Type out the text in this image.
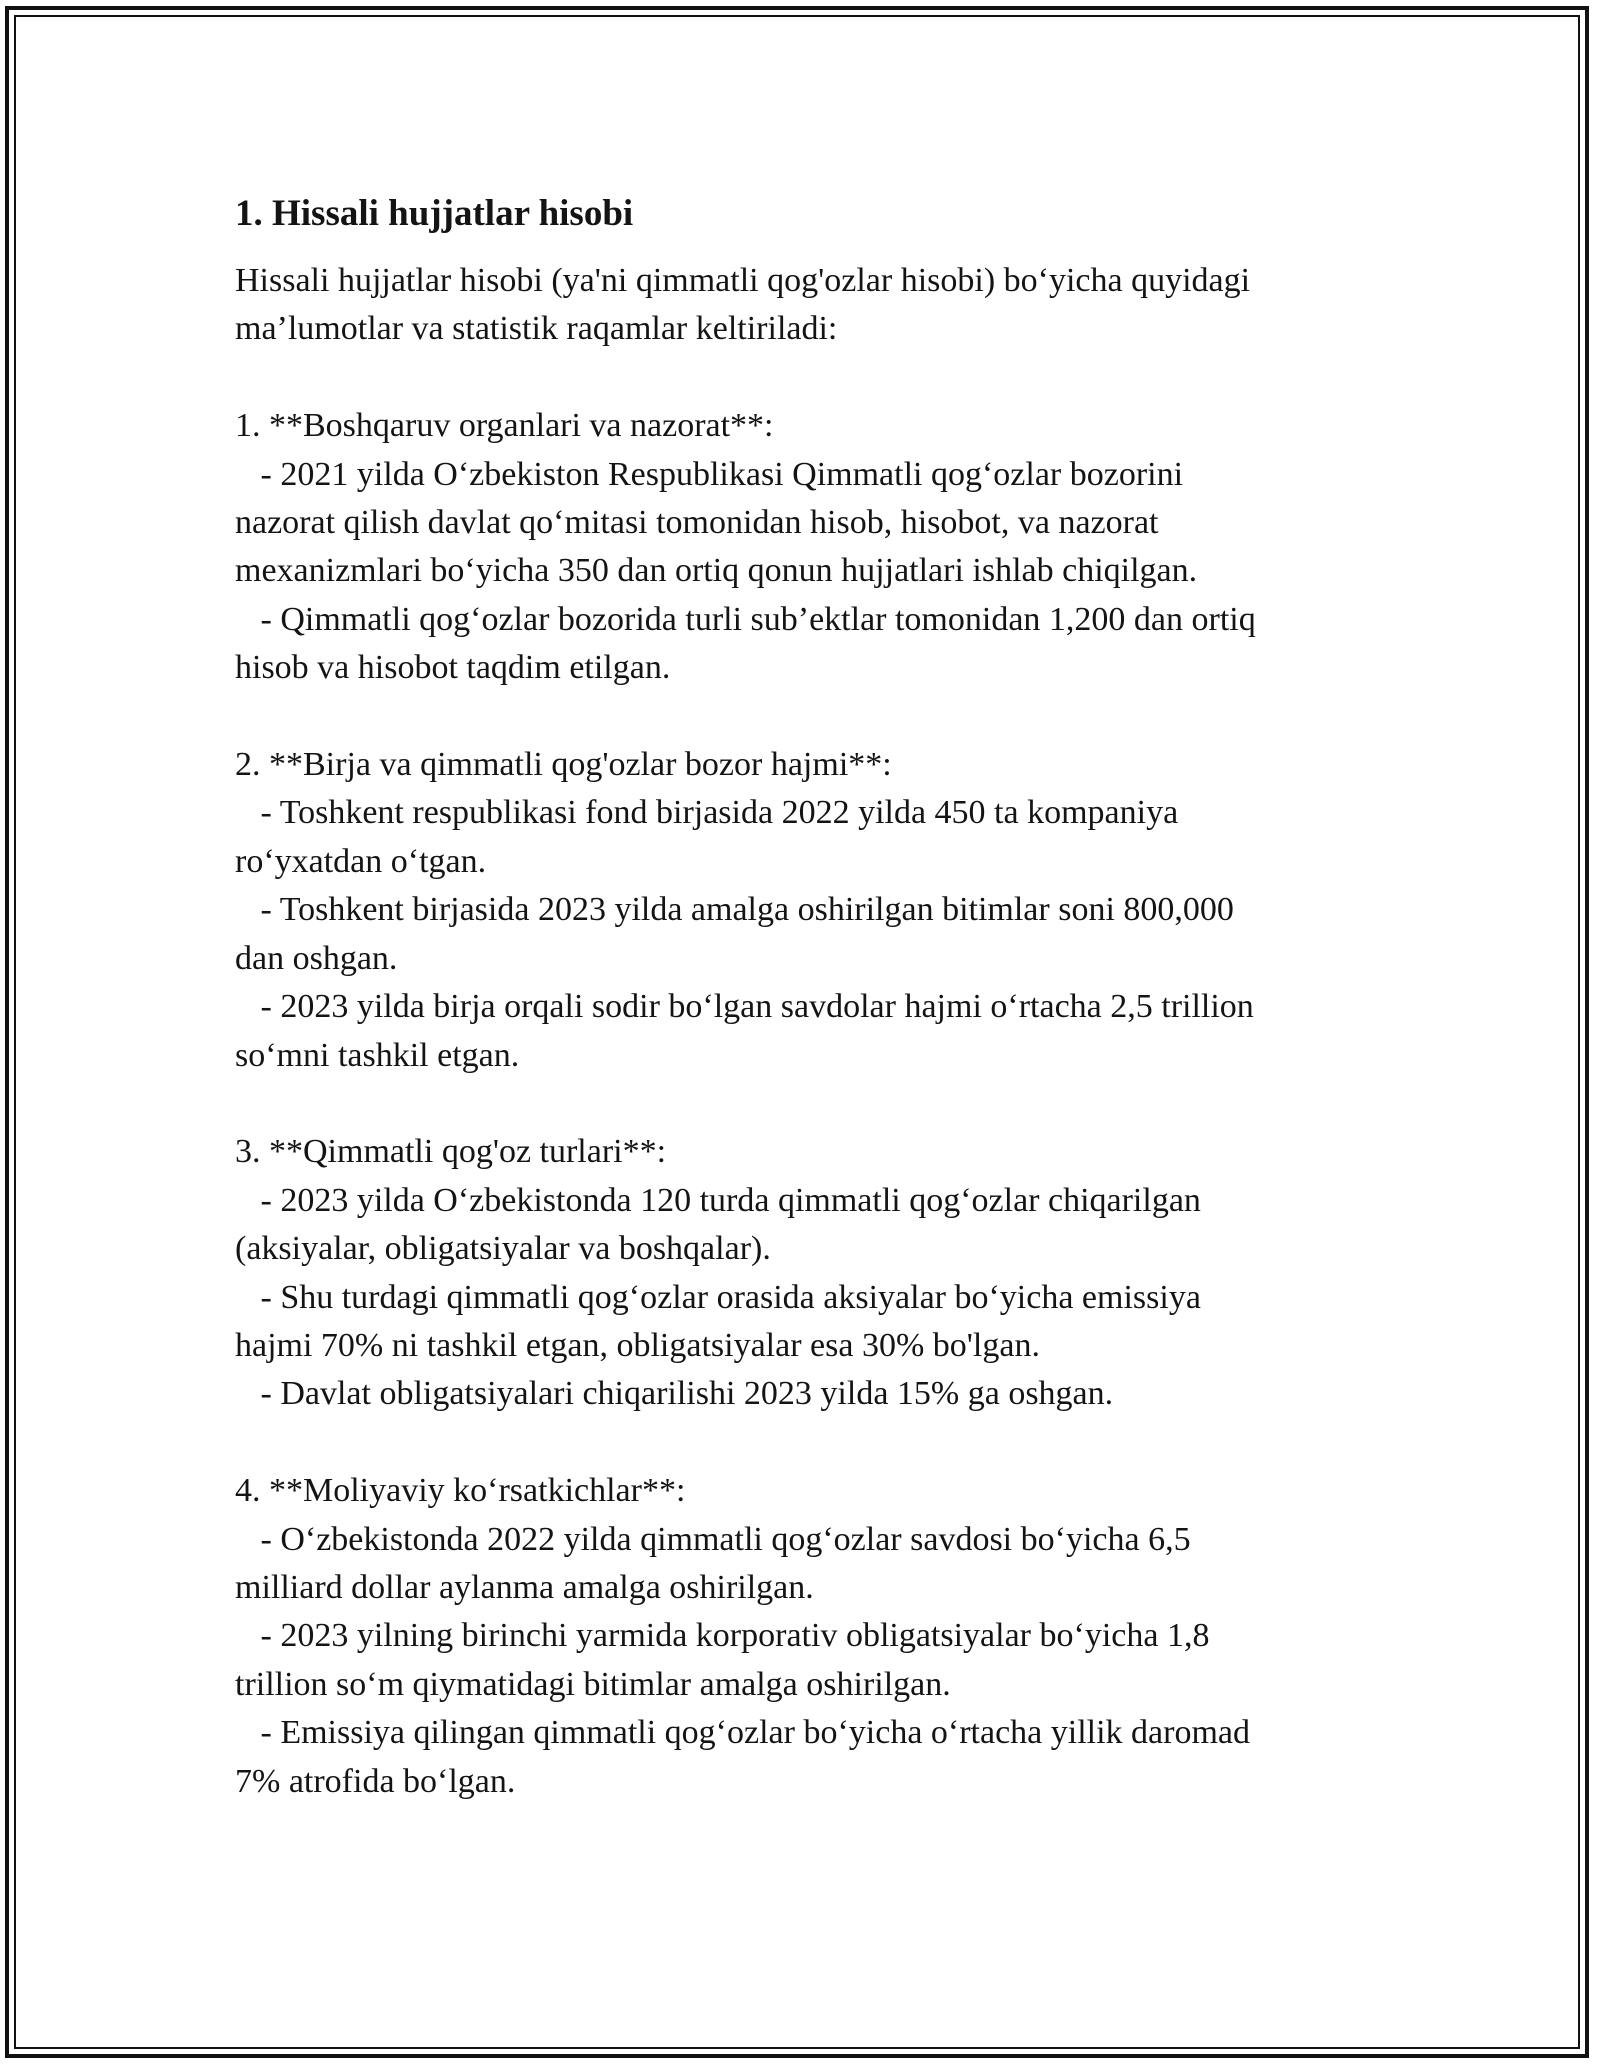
1. Hissali hujjatlar hisobi
Hissali hujjatlar hisobi (ya'ni qimmatli qog'ozlar hisobi) bo‘yicha quyidagi
ma’lumotlar va statistik raqamlar keltiriladi:

1. **Boshqaruv organlari va nazorat**:
- 2021 yilda O‘zbekiston Respublikasi Qimmatli qog‘ozlar bozorini
nazorat qilish davlat qo‘mitasi tomonidan hisob, hisobot, va nazorat
mexanizmlari bo‘yicha 350 dan ortiq qonun hujjatlari ishlab chiqilgan.
- Qimmatli qog‘ozlar bozorida turli sub’ektlar tomonidan 1,200 dan ortiq
hisob va hisobot taqdim etilgan.

2. **Birja va qimmatli qog'ozlar bozor hajmi**:
- Toshkent respublikasi fond birjasida 2022 yilda 450 ta kompaniya
ro‘yxatdan o‘tgan.
- Toshkent birjasida 2023 yilda amalga oshirilgan bitimlar soni 800,000
dan oshgan.
- 2023 yilda birja orqali sodir bo‘lgan savdolar hajmi o‘rtacha 2,5 trillion
so‘mni tashkil etgan.

3. **Qimmatli qog'oz turlari**:
- 2023 yilda O‘zbekistonda 120 turda qimmatli qog‘ozlar chiqarilgan
(aksiyalar, obligatsiyalar va boshqalar).
- Shu turdagi qimmatli qog‘ozlar orasida aksiyalar bo‘yicha emissiya
hajmi 70% ni tashkil etgan, obligatsiyalar esa 30% bo'lgan.
- Davlat obligatsiyalari chiqarilishi 2023 yilda 15% ga oshgan.

4. **Moliyaviy ko‘rsatkichlar**:
- O‘zbekistonda 2022 yilda qimmatli qog‘ozlar savdosi bo‘yicha 6,5
milliard dollar aylanma amalga oshirilgan.
- 2023 yilning birinchi yarmida korporativ obligatsiyalar bo‘yicha 1,8
trillion so‘m qiymatidagi bitimlar amalga oshirilgan.
- Emissiya qilingan qimmatli qog‘ozlar bo‘yicha o‘rtacha yillik daromad
7% atrofida bo‘lgan.
